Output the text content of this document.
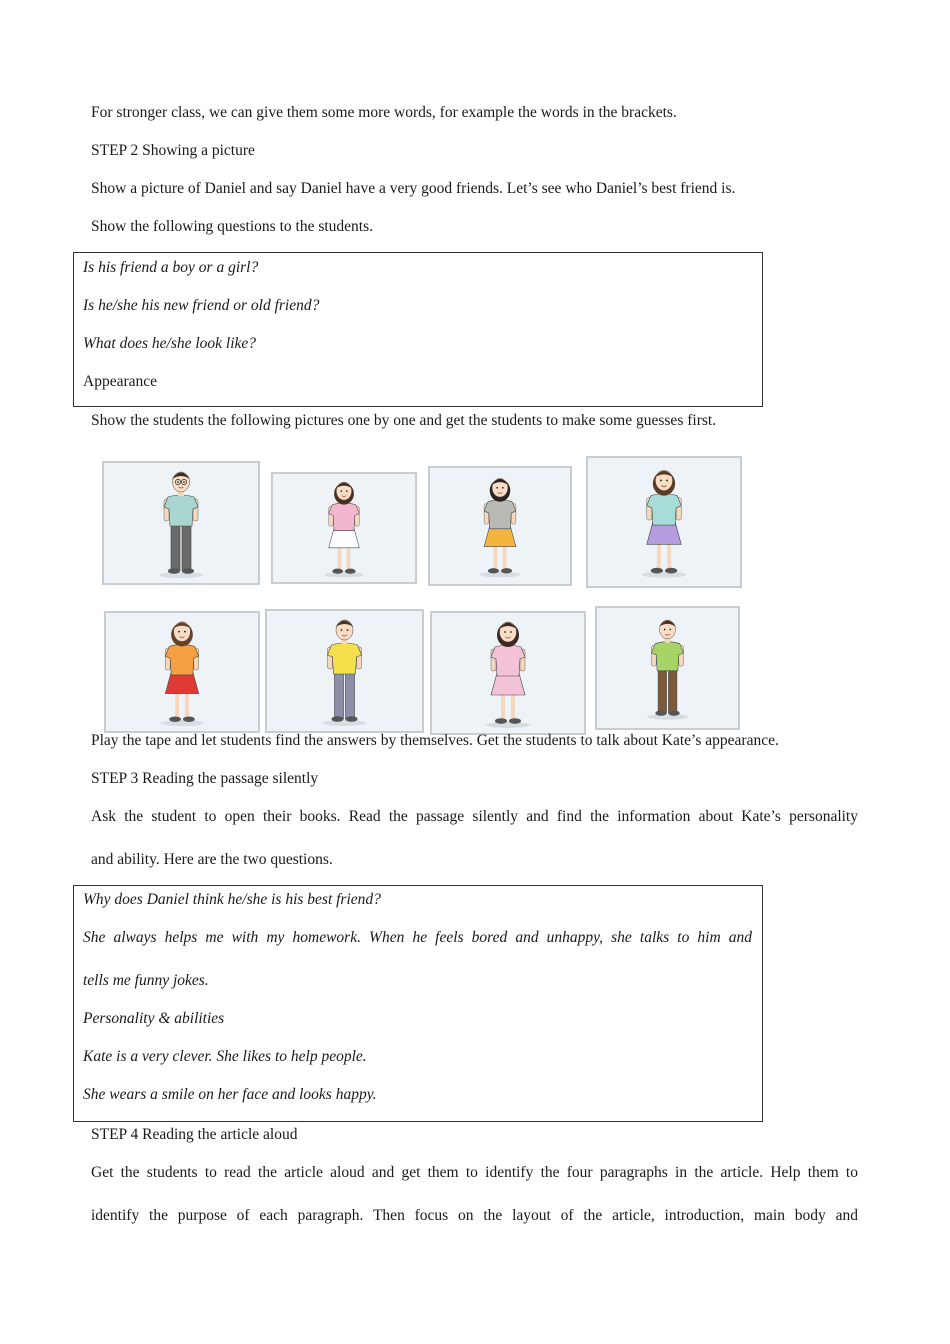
For stronger class, we can give them some more words, for example the words in the brackets.
STEP 2 Showing a picture
Show a picture of Daniel and say Daniel have a very good friends. Let’s see who Daniel’s best friend is.
Show the following questions to the students.

Is his friend a boy or a girl?

Is he/she his new friend or old friend?

What does he/she look like?

Appearance

Show the students the following pictures one by one and get the students to make some guesses first.
Play the tape and let students find the answers by themselves. Get the students to talk about Kate’s appearance.
STEP 3 Reading the passage silently
Ask the student to open their books. Read the passage silently and find the information about Kate’s personality
and ability. Here are the two questions.

Why does Daniel think he/she is his best friend?

She always helps me with my homework. When he feels bored and unhappy, she talks to him and

tells me funny jokes.

Personality & abilities

Kate is a very clever. She likes to help people.

She wears a smile on her face and looks happy.

STEP 4 Reading the article aloud
Get the students to read the article aloud and get them to identify the four paragraphs in the article. Help them to
identify the purpose of each paragraph. Then focus on the layout of the article, introduction, main body and
